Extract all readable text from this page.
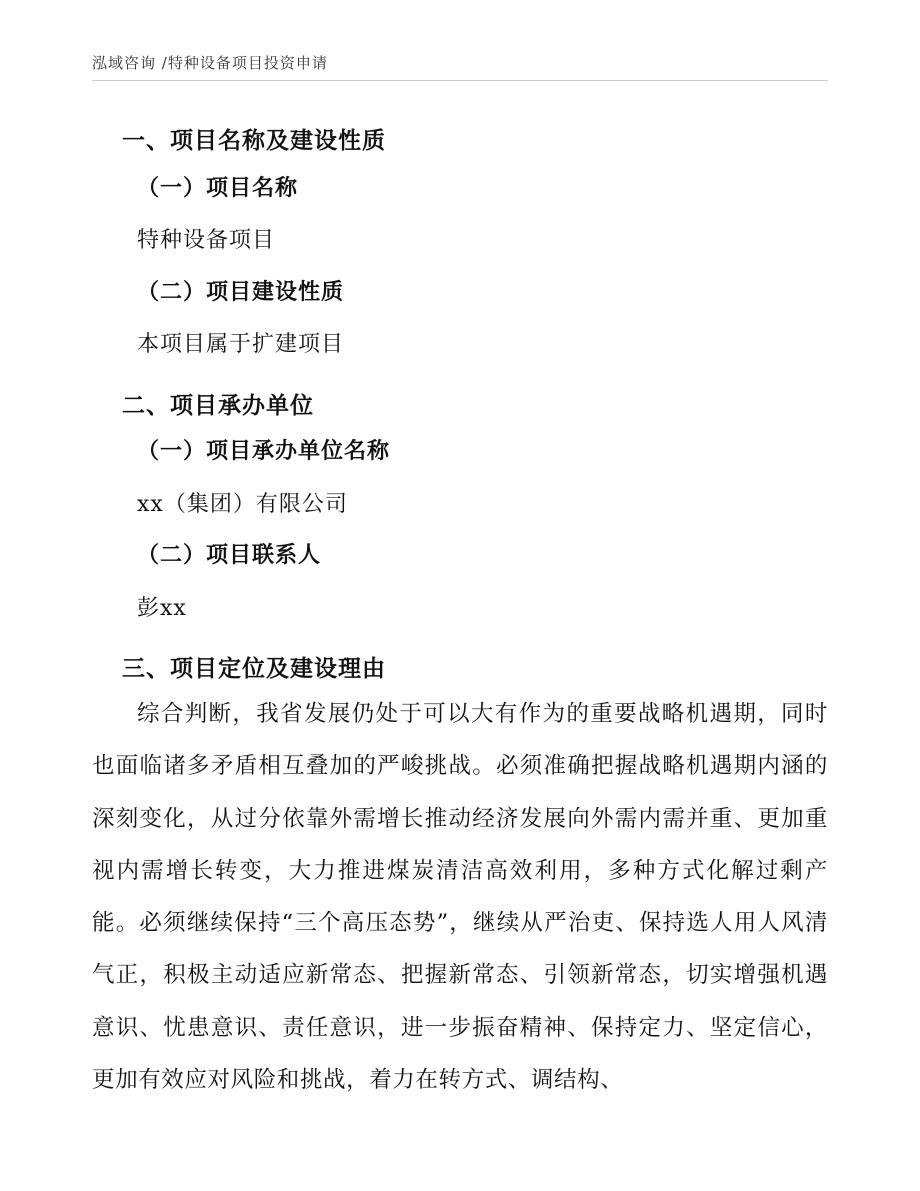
泓域咨询 /特种设备项目投资申请
一、项目名称及建设性质
（一）项目名称
特种设备项目
（二）项目建设性质
本项目属于扩建项目
二、项目承办单位
（一）项目承办单位名称
xx（集团）有限公司
（二）项目联系人
彭xx
三、项目定位及建设理由
综合判断，我省发展仍处于可以大有作为的重要战略机遇期，同时也面临诸多矛盾相互叠加的严峻挑战。必须准确把握战略机遇期内涵的深刻变化，从过分依靠外需增长推动经济发展向外需内需并重、更加重视内需增长转变，大力推进煤炭清洁高效利用，多种方式化解过剩产能。必须继续保持“三个高压态势”，继续从严治吏、保持选人用人风清气正，积极主动适应新常态、把握新常态、引领新常态，切实增强机遇意识、忧患意识、责任意识，进一步振奋精神、保持定力、坚定信心，更加有效应对风险和挑战，着力在转方式、调结构、
